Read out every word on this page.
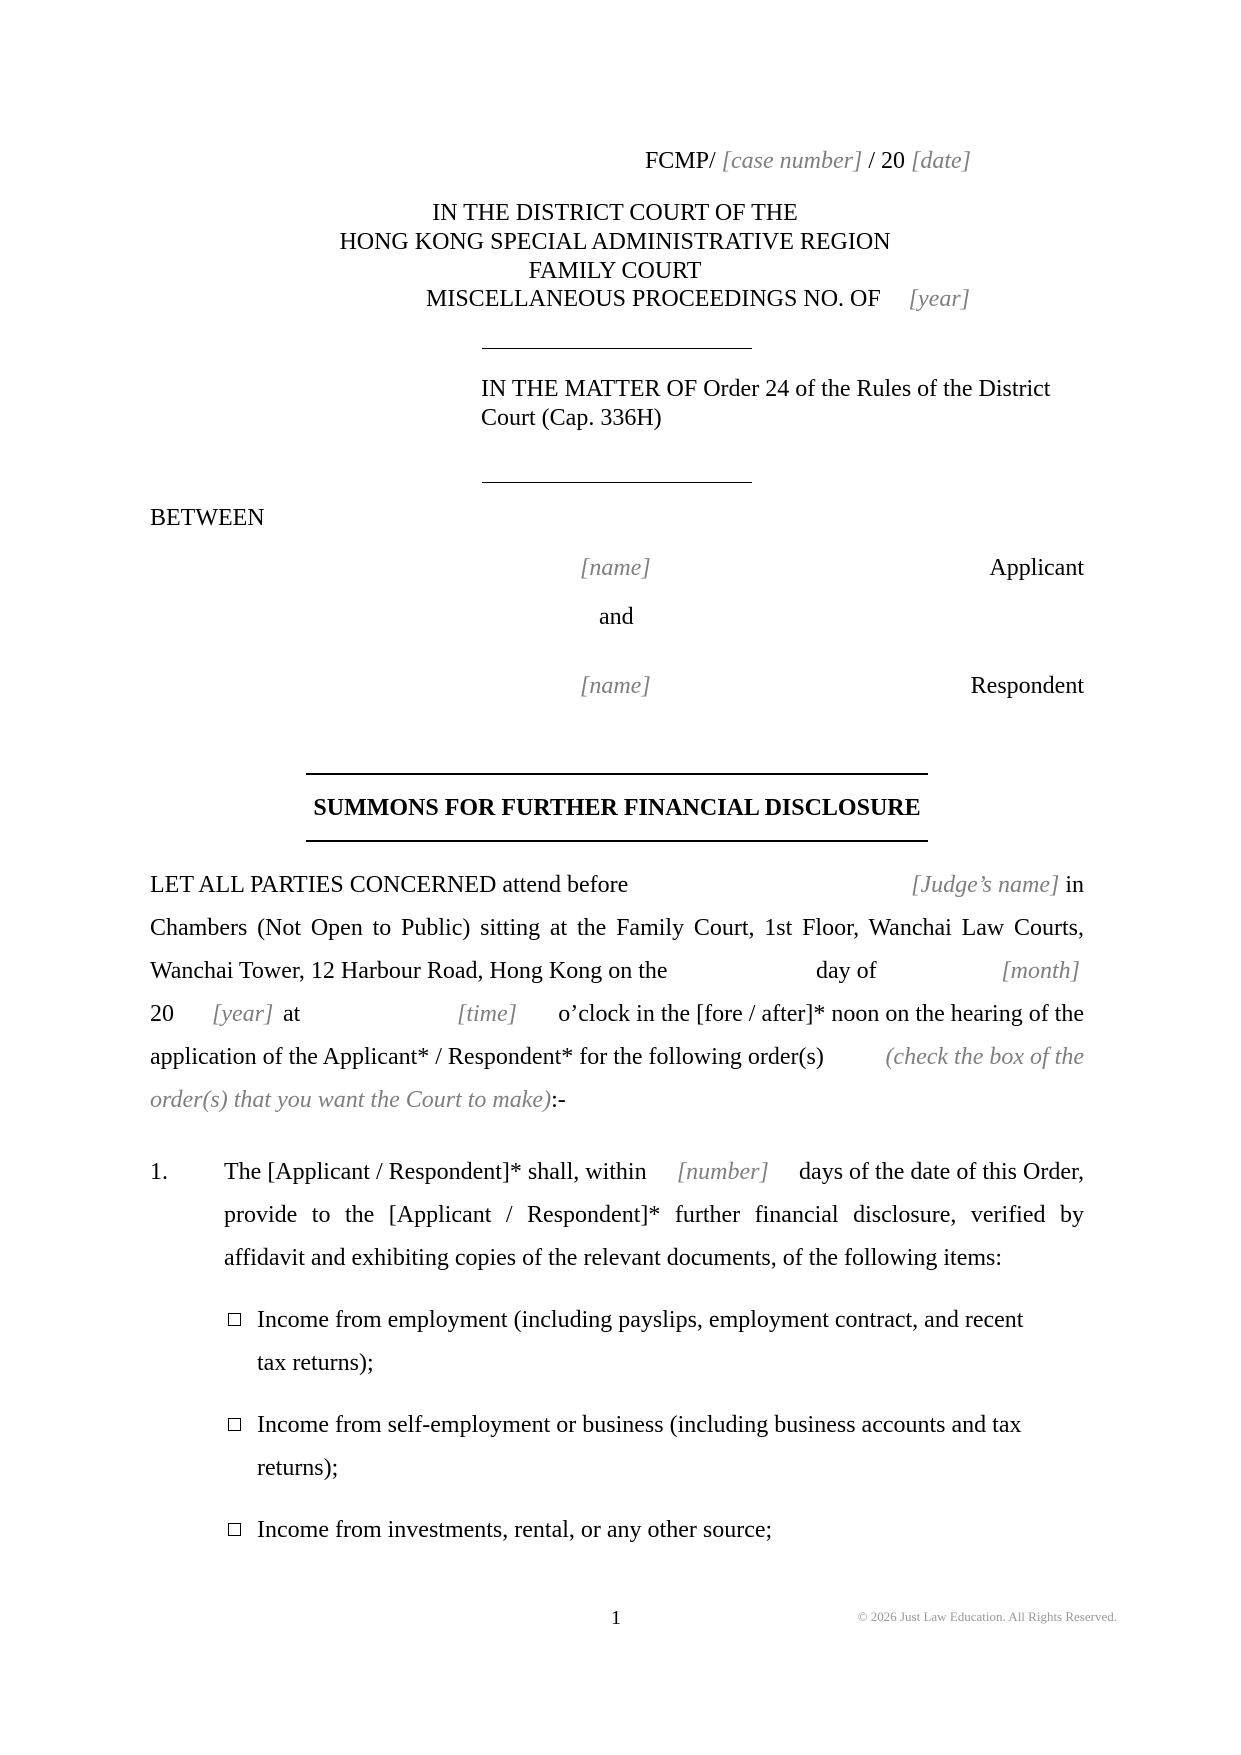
FCMP/ [case number] / 20 [date]
IN THE DISTRICT COURT OF THE
HONG KONG SPECIAL ADMINISTRATIVE REGION
FAMILY COURT
MISCELLANEOUS PROCEEDINGS NO. OF [year]
IN THE MATTER OF Order 24 of the Rules of the District
Court (Cap. 336H)
BETWEEN
[name]	Applicant
and
[name]	Respondent
SUMMONS FOR FURTHER FINANCIAL DISCLOSURE
LET ALL PARTIES CONCERNED attend before	[Judge’s name] in
Chambers (Not Open to Public) sitting at the Family Court, 1st Floor, Wanchai Law Courts,
Wanchai Tower, 12 Harbour Road, Hong Kong on the	day of	[month]
20 [year] at	[time] o’clock in the [fore / after]* noon on the hearing of the
application of the Applicant* / Respondent* for the following order(s)	(check the box of the
order(s) that you want the Court to make):-
1. The [Applicant / Respondent]* shall, within [number] days of the date of this Order,
provide to the [Applicant / Respondent]* further financial disclosure, verified by
affidavit and exhibiting copies of the relevant documents, of the following items:
Income from employment (including payslips, employment contract, and recent
tax returns);
Income from self-employment or business (including business accounts and tax
returns);
Income from investments, rental, or any other source;
1	© 2026 Just Law Education. All Rights Reserved.
